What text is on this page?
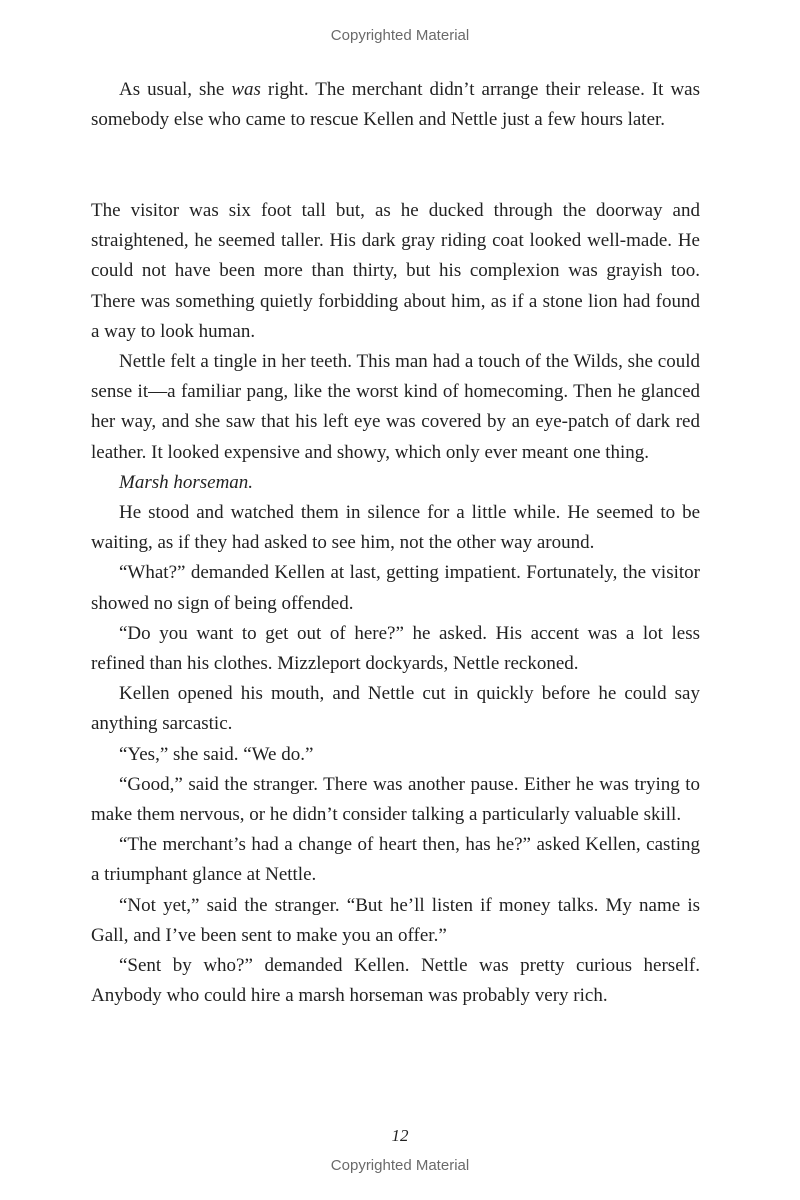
Copyrighted Material

As usual, she was right. The merchant didn’t arrange their release. It was somebody else who came to rescue Kellen and Nettle just a few hours later.

The visitor was six foot tall but, as he ducked through the doorway and straightened, he seemed taller. His dark gray riding coat looked well-made. He could not have been more than thirty, but his complexion was grayish too. There was something quietly forbidding about him, as if a stone lion had found a way to look human.

Nettle felt a tingle in her teeth. This man had a touch of the Wilds, she could sense it—a familiar pang, like the worst kind of homecoming. Then he glanced her way, and she saw that his left eye was covered by an eye-patch of dark red leather. It looked expensive and showy, which only ever meant one thing.

Marsh horseman.

He stood and watched them in silence for a little while. He seemed to be waiting, as if they had asked to see him, not the other way around.

“What?” demanded Kellen at last, getting impatient. Fortunately, the visitor showed no sign of being offended.

“Do you want to get out of here?” he asked. His accent was a lot less refined than his clothes. Mizzleport dockyards, Nettle reckoned.

Kellen opened his mouth, and Nettle cut in quickly before he could say anything sarcastic.

“Yes,” she said. “We do.”

“Good,” said the stranger. There was another pause. Either he was trying to make them nervous, or he didn’t consider talking a particularly valuable skill.

“The merchant’s had a change of heart then, has he?” asked Kellen, casting a triumphant glance at Nettle.

“Not yet,” said the stranger. “But he’ll listen if money talks. My name is Gall, and I’ve been sent to make you an offer.”

“Sent by who?” demanded Kellen. Nettle was pretty curious herself. Anybody who could hire a marsh horseman was probably very rich.

12
Copyrighted Material
